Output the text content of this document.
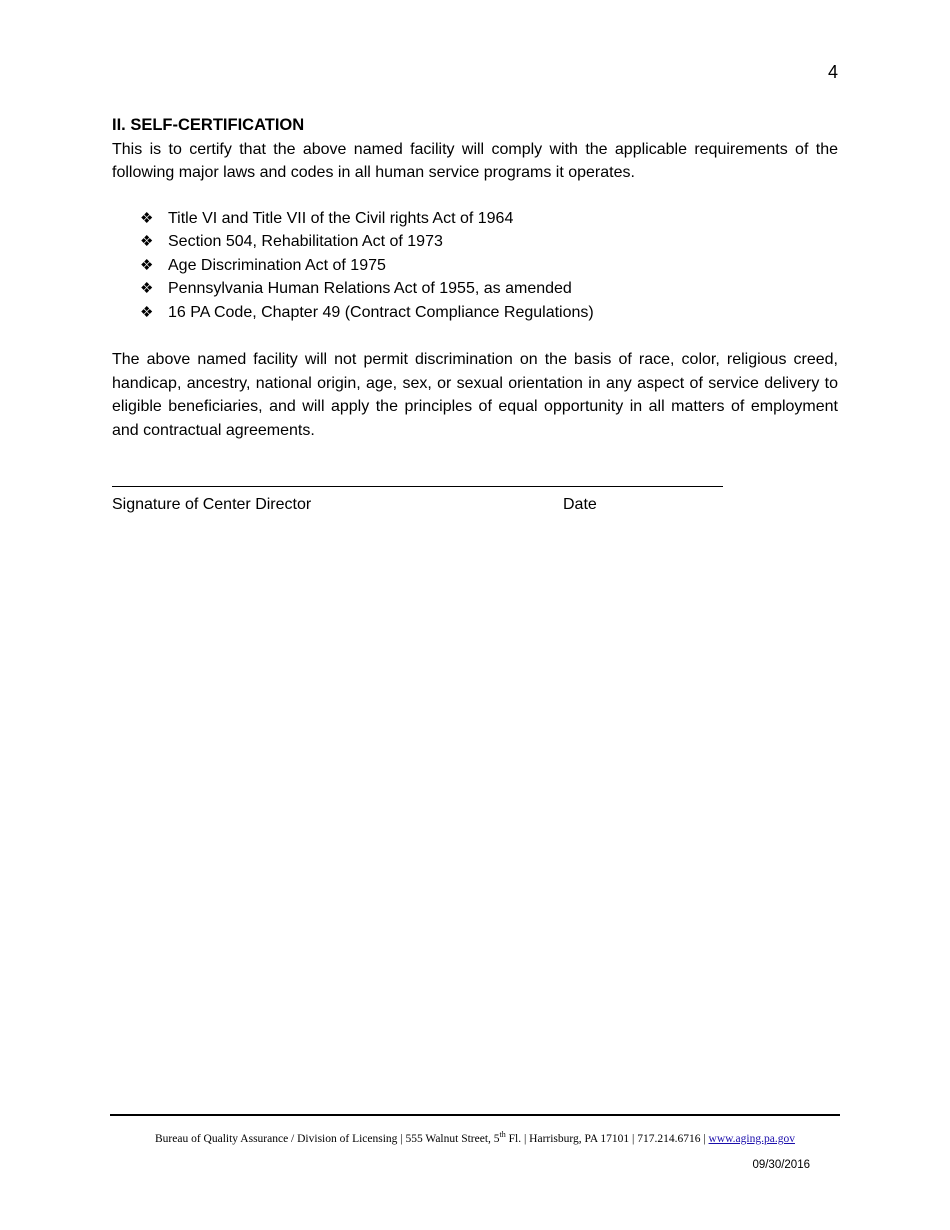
4

II. SELF-CERTIFICATION

This is to certify that the above named facility will comply with the applicable requirements of the following major laws and codes in all human service programs it operates.

❖ Title VI and Title VII of the Civil rights Act of 1964
❖ Section 504, Rehabilitation Act of 1973
❖ Age Discrimination Act of 1975
❖ Pennsylvania Human Relations Act of 1955, as amended
❖ 16 PA Code, Chapter 49 (Contract Compliance Regulations)

The above named facility will not permit discrimination on the basis of race, color, religious creed, handicap, ancestry, national origin, age, sex, or sexual orientation in any aspect of service delivery to eligible beneficiaries, and will apply the principles of equal opportunity in all matters of employment and contractual agreements.

Signature of Center Director	Date
Bureau of Quality Assurance / Division of Licensing | 555 Walnut Street, 5th Fl. | Harrisburg, PA 17101 | 717.214.6716 | www.aging.pa.gov
09/30/2016
